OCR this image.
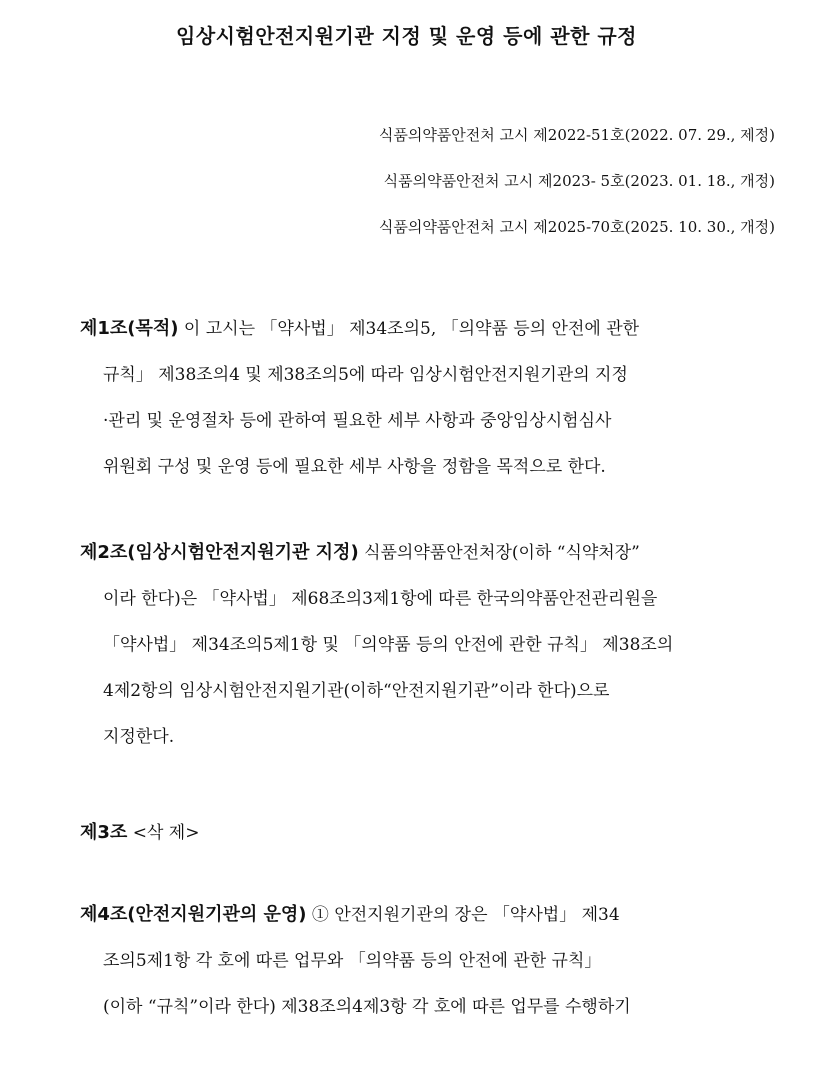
임상시험안전지원기관 지정 및 운영 등에 관한 규정
식품의약품안전처 고시 제2022-51호(2022. 07. 29., 제정)
식품의약품안전처 고시 제2023- 5호(2023. 01. 18., 개정)
식품의약품안전처 고시 제2025-70호(2025. 10. 30., 개정)
제1조(목적) 이 고시는 「약사법」 제34조의5, 「의약품 등의 안전에 관한
규칙」 제38조의4 및 제38조의5에 따라 임상시험안전지원기관의 지정
·관리 및 운영절차 등에 관하여 필요한 세부 사항과 중앙임상시험심사
위원회 구성 및 운영 등에 필요한 세부 사항을 정함을 목적으로 한다.
제2조(임상시험안전지원기관 지정) 식품의약품안전처장(이하 “식약처장”
이라 한다)은 「약사법」 제68조의3제1항에 따른 한국의약품안전관리원을
「약사법」 제34조의5제1항 및 「의약품 등의 안전에 관한 규칙」 제38조의
4제2항의 임상시험안전지원기관(이하“안전지원기관”이라 한다)으로
지정한다.
제3조 <삭 제>
제4조(안전지원기관의 운영) ① 안전지원기관의 장은 「약사법」 제34
조의5제1항 각 호에 따른 업무와 「의약품 등의 안전에 관한 규칙」
(이하 “규칙”이라 한다) 제38조의4제3항 각 호에 따른 업무를 수행하기
